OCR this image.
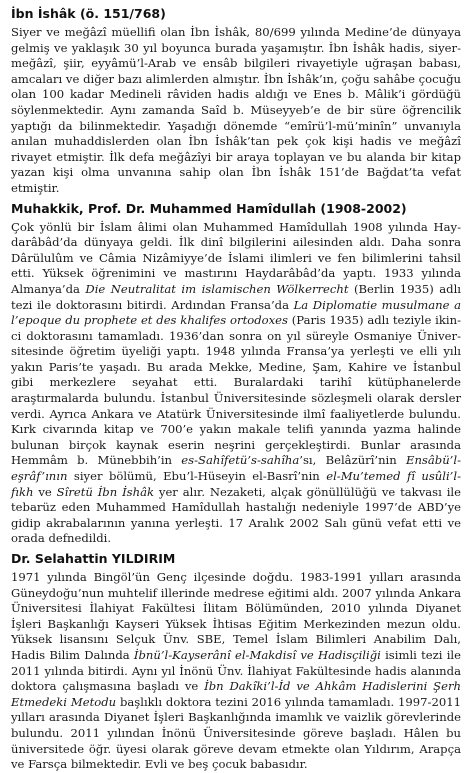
İbn İshâk (ö. 151/768)

Siyer ve meğâzî müellifi olan İbn İshâk, 80/699 yılında Medine’de dünyaya gelmiş ve yaklaşık 30 yıl boyunca burada yaşamıştır. İbn İshâk hadis, siyer-meğâzî, şiir, eyyâmü’l-Arab ve ensâb bilgileri rivayetiyle uğraşan babası, amcaları ve diğer bazı alimlerden almıştır. İbn İshâk’ın, çoğu sahâbe çocuğu olan 100 kadar Medineli râviden hadis aldığı ve Enes b. Mâlik’i gördüğü söylenmektedir. Aynı zamanda Saîd b. Müseyyeb’e de bir süre öğrencilik yaptığı da bilinmektedir. Yaşadığı dönemde “emîrü’l-mü’minîn” unvanıyla anılan muhaddislerden olan İbn İshâk’tan pek çok kişi hadis ve meğâzî rivayet etmiştir. İlk defa meğâzîyi bir araya toplayan ve bu alanda bir kitap yazan kişi olma unvanına sahip olan İbn İshâk 151’de Bağdat’ta vefat etmiştir.

Muhakkik, Prof. Dr. Muhammed Hamîdullah (1908-2002)

Çok yönlü bir İslam âlimi olan Muhammed Hamîdullah 1908 yılında Haydarâbâd’da dünyaya geldi. İlk dinî bilgilerini ailesinden aldı. Daha sonra Dârülulûm ve Câmia Nizâmiyye’de İslami ilimleri ve fen bilimlerini tahsil etti. Yüksek öğrenimini ve mastırını Haydarâbâd’da yaptı. 1933 yılında Almanya’da Die Neutralitat im islamischen Wölkerrecht (Berlin 1935) adlı tezi ile doktorasını bitirdi. Ardından Fransa’da La Diplomatie musulmane a l’epoque du prophete et des khalifes ortodoxes (Paris 1935) adlı teziyle ikinci doktorasını tamamladı. 1936’dan sonra on yıl süreyle Osmaniye Üniversitesinde öğretim üyeliği yaptı. 1948 yılında Fransa’ya yerleşti ve elli yılı yakın Paris’te yaşadı. Bu arada Mekke, Medine, Şam, Kahire ve İstanbul gibi merkezlere seyahat etti. Buralardaki tarihî kütüphanelerde araştırmalarda bulundu. İstanbul Üniversitesinde sözleşmeli olarak dersler verdi. Ayrıca Ankara ve Atatürk Üniversitesinde ilmî faaliyetlerde bulundu. Kırk civarında kitap ve 700’e yakın makale telifi yanında yazma halinde bulunan birçok kaynak eserin neşrini gerçekleştirdi. Bunlar arasında Hemmâm b. Münebbih’in es-Sahîfetü’s-sahîha’sı, Belâzürî’nin Ensâbü’l-eşrâf’ının siyer bölümü, Ebu’l-Hüseyin el-Basrî’nin el-Mu’temed fî usûli’l-fıkh ve Sîretü İbn İshâk yer alır. Nezaketi, alçak gönüllülüğü ve takvası ile tebarüz eden Muhammed Hamîdullah hastalığı nedeniyle 1997’de ABD’ye gidip akrabalarının yanına yerleşti. 17 Aralık 2002 Salı günü vefat etti ve orada defnedildi.

Dr. Selahattin YILDIRIM

1971 yılında Bingöl’ün Genç ilçesinde doğdu. 1983-1991 yılları arasında Güneydoğu’nun muhtelif illerinde medrese eğitimi aldı. 2007 yılında Ankara Üniversitesi İlahiyat Fakültesi İlitam Bölümünden, 2010 yılında Diyanet İşleri Başkanlığı Kayseri Yüksek İhtisas Eğitim Merkezinden mezun oldu. Yüksek lisansını Selçuk Ünv. SBE, Temel İslam Bilimleri Anabilim Dalı, Hadis Bilim Dalında İbnü’l-Kayserânî el-Makdisî ve Hadisçiliği isimli tezi ile 2011 yılında bitirdi. Aynı yıl İnönü Ünv. İlahiyat Fakültesinde hadis alanında doktora çalışmasına başladı ve İbn Dakîki’l-İd ve Ahkâm Hadislerini Şerh Etmedeki Metodu başlıklı doktora tezini 2016 yılında tamamladı. 1997-2011 yılları arasında Diyanet İşleri Başkanlığında imamlık ve vaizlik görevlerinde bulundu. 2011 yılından İnönü Üniversitesinde göreve başladı. Hâlen bu üniversitede öğr. üyesi olarak göreve devam etmekte olan Yıldırım, Arapça ve Farsça bilmektedir. Evli ve beş çocuk babasıdır.
